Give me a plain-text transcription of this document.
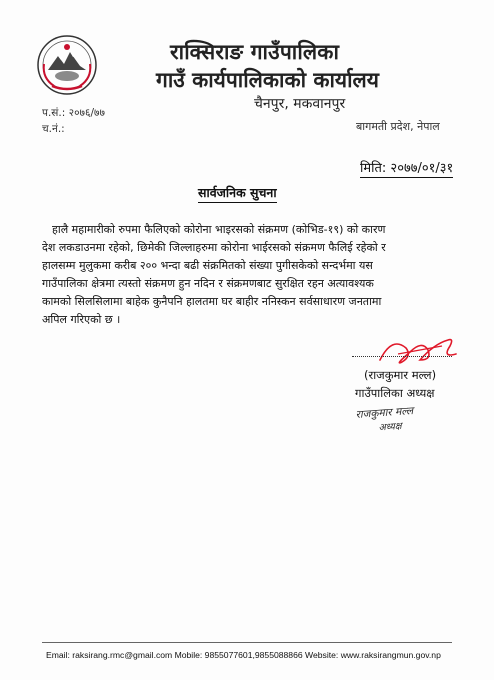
राक्सिराङ गाउँपालिका
गाउँ कार्यपालिकाको कार्यालय
चैनपुर, मकवानपुर
प.सं.: २०७६/७७
च.नं.:	बागमती प्रदेश, नेपाल
मिति: २०७७/०१/३१
सार्वजनिक सुचना
हालै महामारीको रुपमा फैलिएको कोरोना भाइरसको संक्रमण (कोभिड-१९) को कारण
देश लकडाउनमा रहेको, छिमेकी जिल्लाहरुमा कोरोना भाईरसको संक्रमण फैलिई रहेको र
हालसम्म मुलुकमा करीब २०० भन्दा बढी संक्रमितको संख्या पुगीसकेको सन्दर्भमा यस
गाउँपालिका क्षेत्रमा त्यस्तो संक्रमण हुन नदिन र संक्रमणबाट सुरक्षित रहन अत्यावश्यक
कामको सिलसिलामा बाहेक कुनैपनि हालतमा घर बाहीर ननिस्कन सर्वसाधारण जनतामा
अपिल गरिएको छ ।
(राजकुमार मल्ल)
गाउँपालिका अध्यक्ष
राजकुमार मल्ल
अध्यक्ष
Email: raksirang.rmc@gmail.com Mobile: 9855077601,9855088866 Website: www.raksirangmun.gov.np
